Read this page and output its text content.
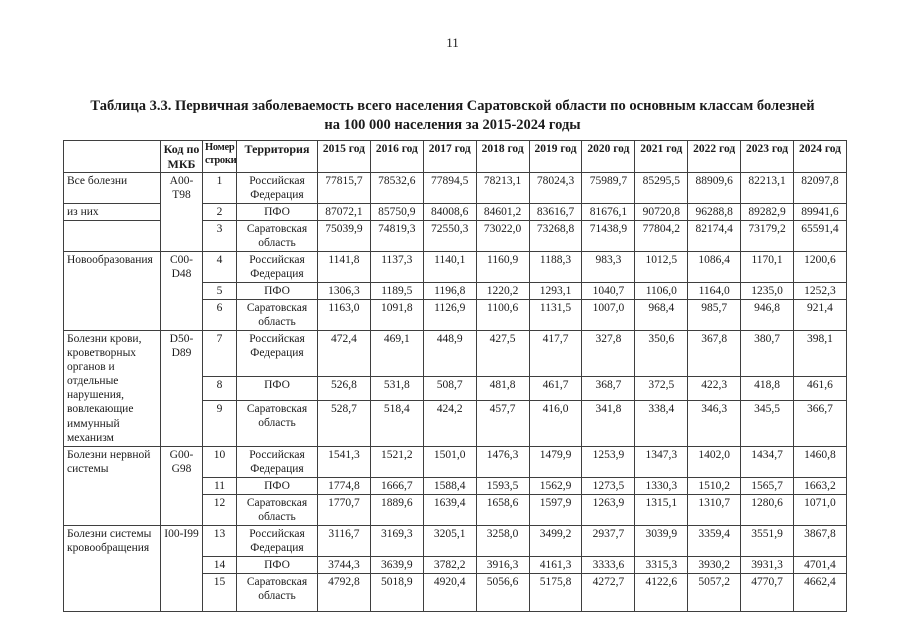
11
Таблица 3.3. Первичная заболеваемость всего населения Саратовской области по основным классам болезней
на 100 000 населения за 2015-2024 годы
	Код по МКБ	Номер строки	Территория	2015 год	2016 год	2017 год	2018 год	2019 год	2020 год	2021 год	2022 год	2023 год	2024 год
Все болезни	A00-T98	1	Российская Федерация	77815,7	78532,6	77894,5	78213,1	78024,3	75989,7	85295,5	88909,6	82213,1	82097,8
из них		2	ПФО	87072,1	85750,9	84008,6	84601,2	83616,7	81676,1	90720,8	96288,8	89282,9	89941,6
		3	Саратовская область	75039,9	74819,3	72550,3	73022,0	73268,8	71438,9	77804,2	82174,4	73179,2	65591,4
Новообразования	C00-D48	4	Российская Федерация	1141,8	1137,3	1140,1	1160,9	1188,3	983,3	1012,5	1086,4	1170,1	1200,6
		5	ПФО	1306,3	1189,5	1196,8	1220,2	1293,1	1040,7	1106,0	1164,0	1235,0	1252,3
		6	Саратовская область	1163,0	1091,8	1126,9	1100,6	1131,5	1007,0	968,4	985,7	946,8	921,4
Болезни крови, кроветворных органов и отдельные нарушения, вовлекающие иммунный механизм	D50-D89	7	Российская Федерация	472,4	469,1	448,9	427,5	417,7	327,8	350,6	367,8	380,7	398,1
		8	ПФО	526,8	531,8	508,7	481,8	461,7	368,7	372,5	422,3	418,8	461,6
		9	Саратовская область	528,7	518,4	424,2	457,7	416,0	341,8	338,4	346,3	345,5	366,7
Болезни нервной системы	G00-G98	10	Российская Федерация	1541,3	1521,2	1501,0	1476,3	1479,9	1253,9	1347,3	1402,0	1434,7	1460,8
		11	ПФО	1774,8	1666,7	1588,4	1593,5	1562,9	1273,5	1330,3	1510,2	1565,7	1663,2
		12	Саратовская область	1770,7	1889,6	1639,4	1658,6	1597,9	1263,9	1315,1	1310,7	1280,6	1071,0
Болезни системы кровообращения	I00-I99	13	Российская Федерация	3116,7	3169,3	3205,1	3258,0	3499,2	2937,7	3039,9	3359,4	3551,9	3867,8
		14	ПФО	3744,3	3639,9	3782,2	3916,3	4161,3	3333,6	3315,3	3930,2	3931,3	4701,4
		15	Саратовская область	4792,8	5018,9	4920,4	5056,6	5175,8	4272,7	4122,6	5057,2	4770,7	4662,4
